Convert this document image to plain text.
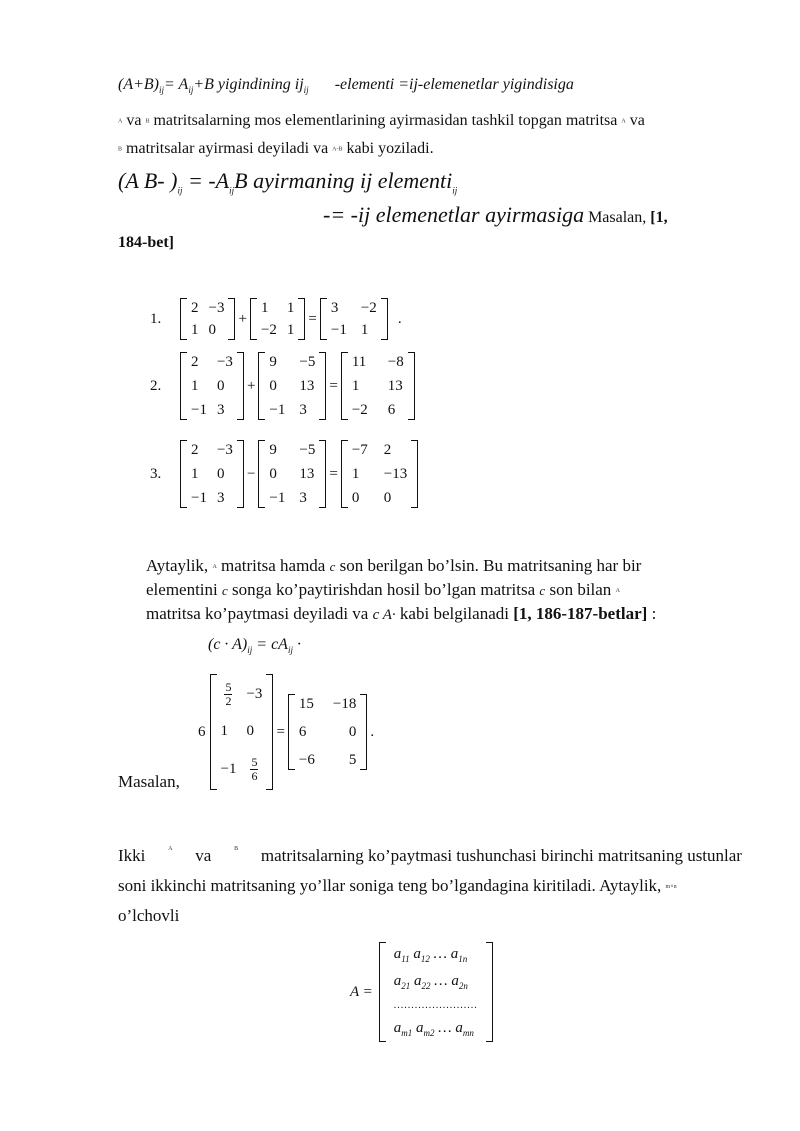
$(A+B)_{ij}= A_{ij}+B$ yigindining $ij_{ij}$ -elementi =ij-elemenetlar yigindisiga
A va B matritsalarning mos elementlarining ayirmasidan tashkil topgan matritsa A va
B matritsalar ayirmasi deyiladi va A-B kabi yoziladi.
(A B- )$_{ij} = -A_{ij}B$ ayirmaning ij elementi$_{ij}$
-= -ij elemenetlar ayirmasiga Masalan, [1,
184-bet]
1.
2 −3
1 0
+
1	1
−2 1
=
3	−2
−1 1
.
2.
2	−3
1	0
−1 3
+
9	−5
0	13
−1 3
=
11 −8
1	13
−2 6
3.
2	−3
1	0
−1 3
−
9	−5
0	13
−1 3
=
−7 2
1	−13
0	0
Aytaylik, A matritsa hamda c son berilgan bo’lsin. Bu matritsaning har bir
elementini c songa ko’paytirishdan hosil bo’lgan matritsa c son bilan A
matritsa ko’paytmasi deyiladi va c A· kabi belgilanadi [1, 186-187-betlar] :
$(c \cdot A)_{ij} = cA_{ij}$ ·
Masalan,
6
$\frac{5}{2} -3$
1	0
$-1 \frac{5}{6}$
=
15 −18
6	0
−6	5
.
Ikki	A va	B matritsalarning ko’paytmasi tushunchasi birinchi matritsaning ustunlar
soni ikkinchi matritsaning yo’llar soniga teng bo’lgandagina kiritiladi. Aytaylik, m×n
o’lchovli
A =
$a_{11}$ $a_{12}$ … $a_{1n}$
$a_{21}$ $a_{22}$ … $a_{2n}$
........................
$a_{m1}$ $a_{m2}$ … $a_{mn}$
